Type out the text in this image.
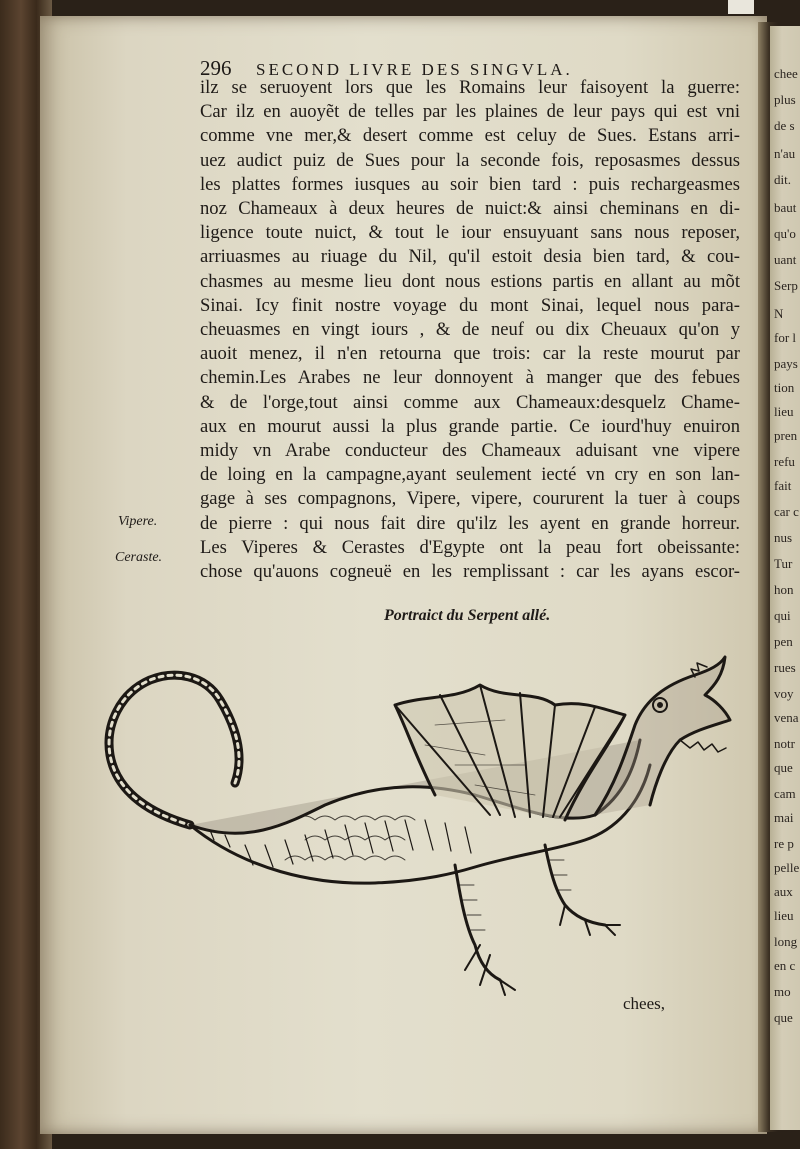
chee
plus
de s
n'au
dit.
baut
qu'o
uant
Serp
N
for l
pays
tion
lieu
pren
refu
fait
car c
nus
Tur
hon
qui
pen
rues
voy
vena
notr
que
cam
mai
re p
pelle
aux
lieu
long
en c
mo
que
296 SECOND LIVRE DES SINGVLA.
ilz se seruoyent lors que les Romains leur faisoyent la guerre:
Car ilz en auoyẽt de telles par les plaines de leur pays qui est vni
comme vne mer,& desert comme est celuy de Sues. Estans arri-
uez audict puiz de Sues pour la seconde fois, reposasmes dessus
les plattes formes iusques au soir bien tard : puis rechargeasmes
noz Chameaux à deux heures de nuict:& ainsi cheminans en di-
ligence toute nuict, & tout le iour ensuyuant sans nous reposer,
arriuasmes au riuage du Nil, qu'il estoit desia bien tard, & cou-
chasmes au mesme lieu dont nous estions partis en allant au mõt
Sinai. Icy finit nostre voyage du mont Sinai, lequel nous para-
cheuasmes en vingt iours , & de neuf ou dix Cheuaux qu'on y
auoit menez, il n'en retourna que trois: car la reste mourut par
chemin.Les Arabes ne leur donnoyent à manger que des febues
& de l'orge,tout ainsi comme aux Chameaux:desquelz Chame-
aux en mourut aussi la plus grande partie. Ce iourd'huy enuiron
midy vn Arabe conducteur des Chameaux aduisant vne vipere
de loing en la campagne,ayant seulement iecté vn cry en son lan-
gage à ses compagnons, Vipere, vipere, coururent la tuer à coups
de pierre : qui nous fait dire qu'ilz les ayent en grande horreur.
Les Viperes & Cerastes d'Egypte ont la peau fort obeissante:
chose qu'auons cogneuë en les remplissant : car les ayans escor-
Vipere.
Ceraste.
Portraict du Serpent allé.
chees,
